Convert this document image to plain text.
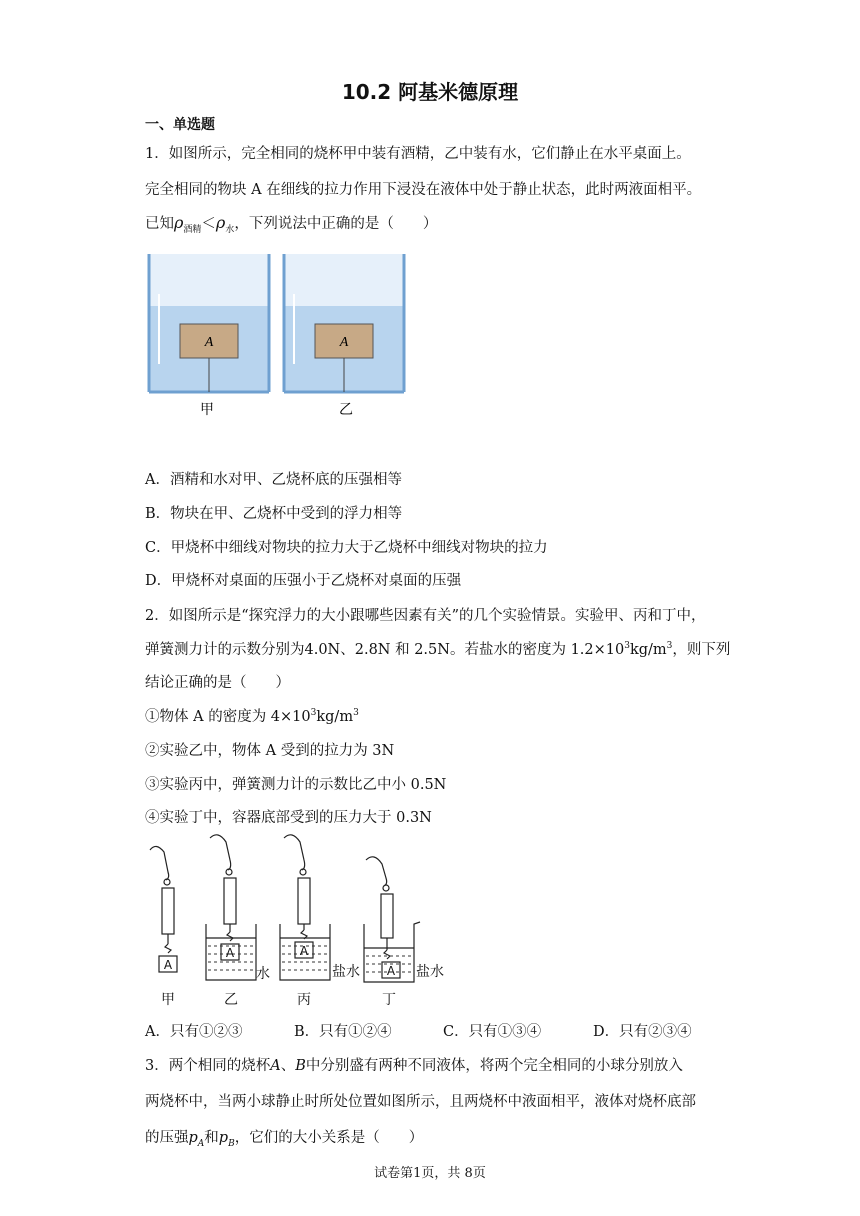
10.2 阿基米德原理
一、单选题
1．如图所示，完全相同的烧杯甲中装有酒精，乙中装有水，它们静止在水平桌面上。
完全相同的物块 A 在细线的拉力作用下浸没在液体中处于静止状态，此时两液面相平。
已知$\rho_{酒精}<\rho_水$，下列说法中正确的是（　　）
A	A
甲	乙
A．酒精和水对甲、乙烧杯底的压强相等
B．物块在甲、乙烧杯中受到的浮力相等
C．甲烧杯中细线对物块的拉力大于乙烧杯中细线对物块的拉力
D．甲烧杯对桌面的压强小于乙烧杯对桌面的压强
2．如图所示是“探究浮力的大小跟哪些因素有关”的几个实验情景。实验甲、丙和丁中，
弹簧测力计的示数分别为4.0N、2.8N 和 2.5N。若盐水的密度为 $1.2\times 10^3kg/m^3$，则下列
结论正确的是（　　）
①物体 A 的密度为 $4\times 10^3kg/m^3$
②实验乙中，物体 A 受到的拉力为 3N
③实验丙中，弹簧测力计的示数比乙中小 0.5N
④实验丁中，容器底部受到的压力大于 0.3N
A
A	A
A
水	盐水	盐水
甲	乙	丙	丁
A．只有①②③	B．只有①②④	C．只有①③④	D．只有②③④
3．两个相同的烧杯A、B中分别盛有两种不同液体，将两个完全相同的小球分别放入
两烧杯中，当两小球静止时所处位置如图所示，且两烧杯中液面相平，液体对烧杯底部
的压强$p_A$和$p_B$，它们的大小关系是（　　）
试卷第1页，共 8页
